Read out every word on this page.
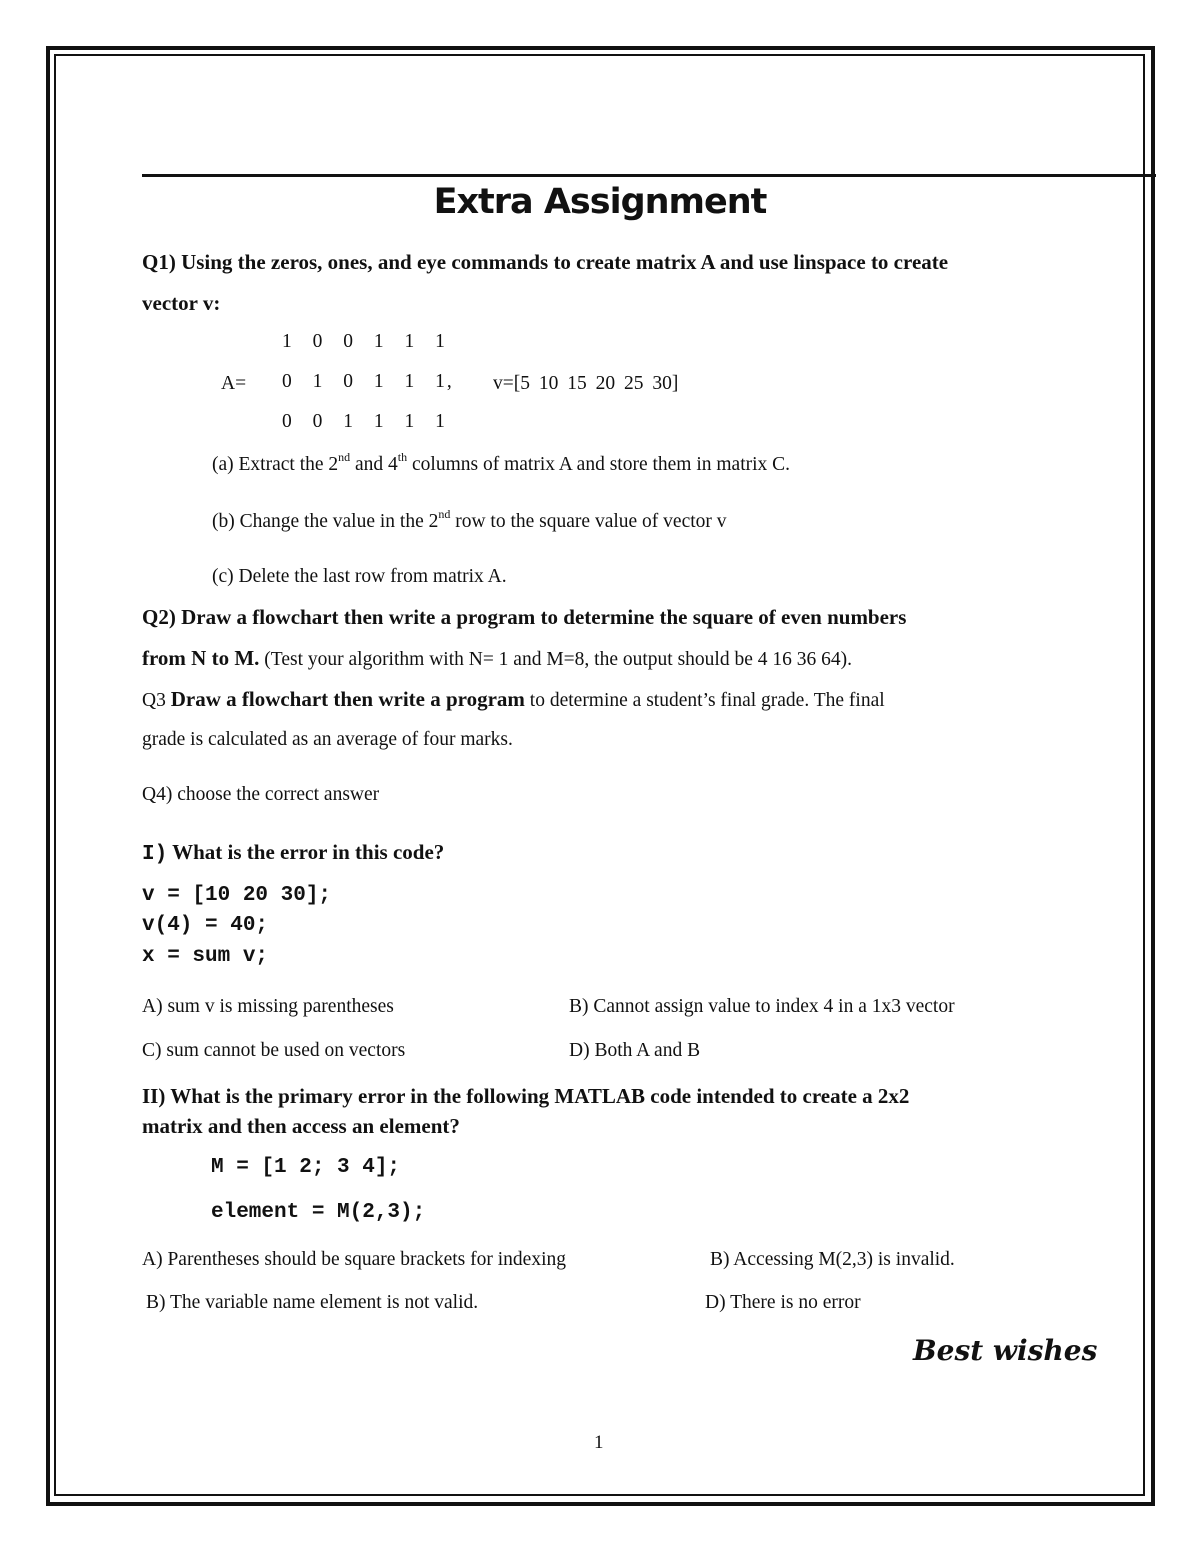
Extra Assignment
Q1) Using the zeros, ones, and eye commands to create matrix A and use linspace to create
vector v:
1 0 0 1 1 1
A= 0 1 0 1 1 1, v=[5 10 15 20 25 30]
0 0 1 1 1 1
(a) Extract the 2nd and 4th columns of matrix A and store them in matrix C.
(b) Change the value in the 2nd row to the square value of vector v
(c) Delete the last row from matrix A.
Q2) Draw a flowchart then write a program to determine the square of even numbers
from N to M. (Test your algorithm with N= 1 and M=8, the output should be 4 16 36 64).
Q3 Draw a flowchart then write a program to determine a student’s final grade. The final
grade is calculated as an average of four marks.
Q4) choose the correct answer
I) What is the error in this code?
v = [10 20 30];
v(4) = 40;
x = sum v;
A) sum v is missing parentheses	B) Cannot assign value to index 4 in a 1x3 vector
C) sum cannot be used on vectors	D) Both A and B
II) What is the primary error in the following MATLAB code intended to create a 2x2
matrix and then access an element?
M = [1 2; 3 4];
element = M(2,3);
A) Parentheses should be square brackets for indexing	B) Accessing M(2,3) is invalid.
B) The variable name element is not valid.	D) There is no error
Best wishes
1
